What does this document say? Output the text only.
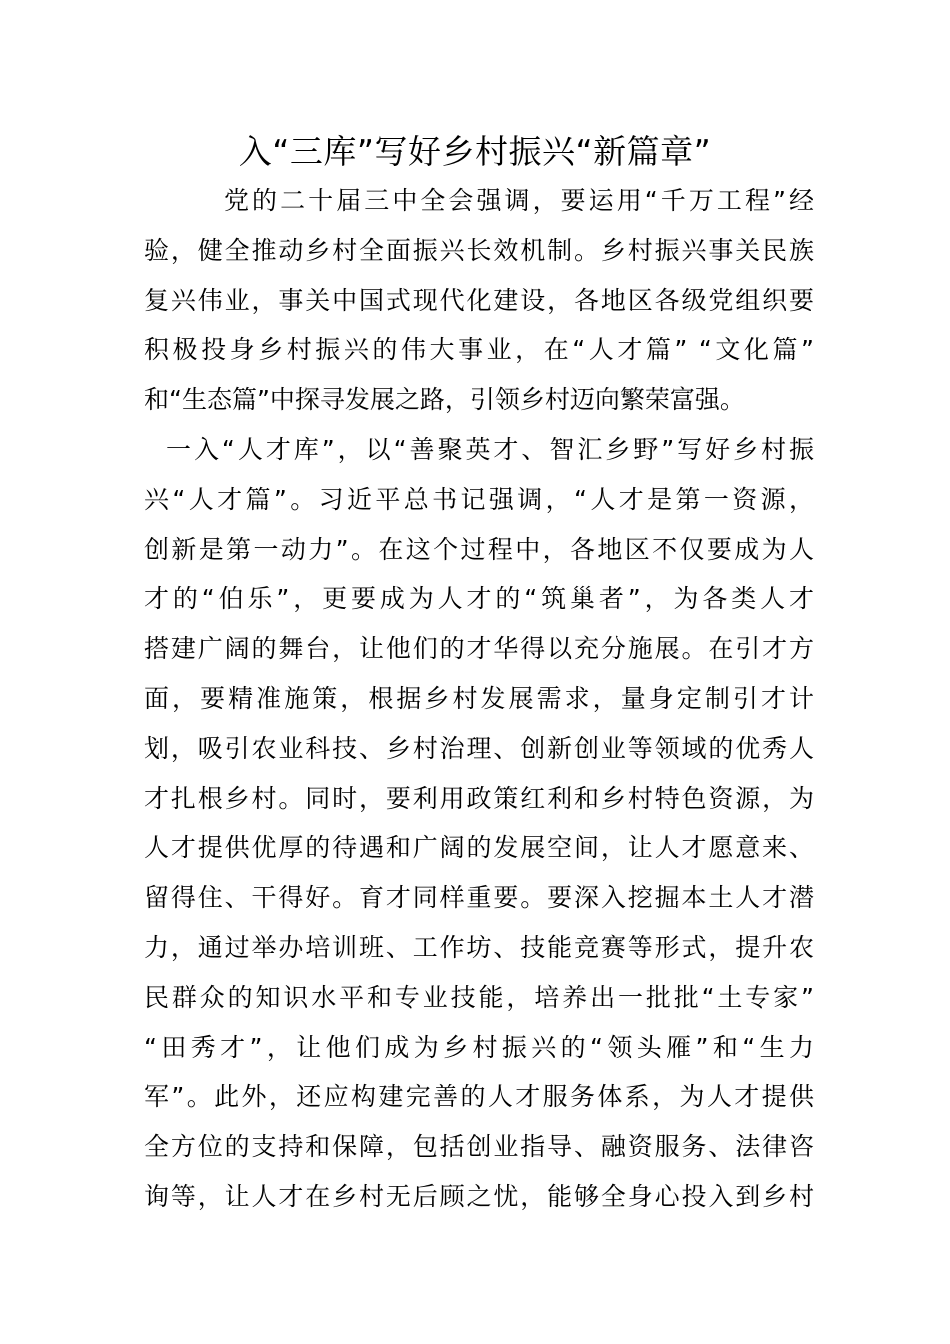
入“三库”写好乡村振兴“新篇章”
党的二十届三中全会强调，要运用“千万工程”经
验，健全推动乡村全面振兴长效机制。乡村振兴事关民族
复兴伟业，事关中国式现代化建设，各地区各级党组织要
积极投身乡村振兴的伟大事业，在“人才篇” “文化篇”
和“生态篇”中探寻发展之路，引领乡村迈向繁荣富强。
一入“人才库”，以“善聚英才、智汇乡野”写好乡村振
兴“人才篇”。习近平总书记强调，“人才是第一资源，
创新是第一动力”。在这个过程中，各地区不仅要成为人
才的“伯乐”，更要成为人才的“筑巢者”，为各类人才
搭建广阔的舞台，让他们的才华得以充分施展。在引才方
面，要精准施策，根据乡村发展需求，量身定制引才计
划，吸引农业科技、乡村治理、创新创业等领域的优秀人
才扎根乡村。同时，要利用政策红利和乡村特色资源，为
人才提供优厚的待遇和广阔的发展空间，让人才愿意来、
留得住、干得好。育才同样重要。要深入挖掘本土人才潜
力，通过举办培训班、工作坊、技能竞赛等形式，提升农
民群众的知识水平和专业技能，培养出一批批“土专家”
“田秀才”，让他们成为乡村振兴的“领头雁”和“生力
军”。此外，还应构建完善的人才服务体系，为人才提供
全方位的支持和保障，包括创业指导、融资服务、法律咨
询等，让人才在乡村无后顾之忧，能够全身心投入到乡村
